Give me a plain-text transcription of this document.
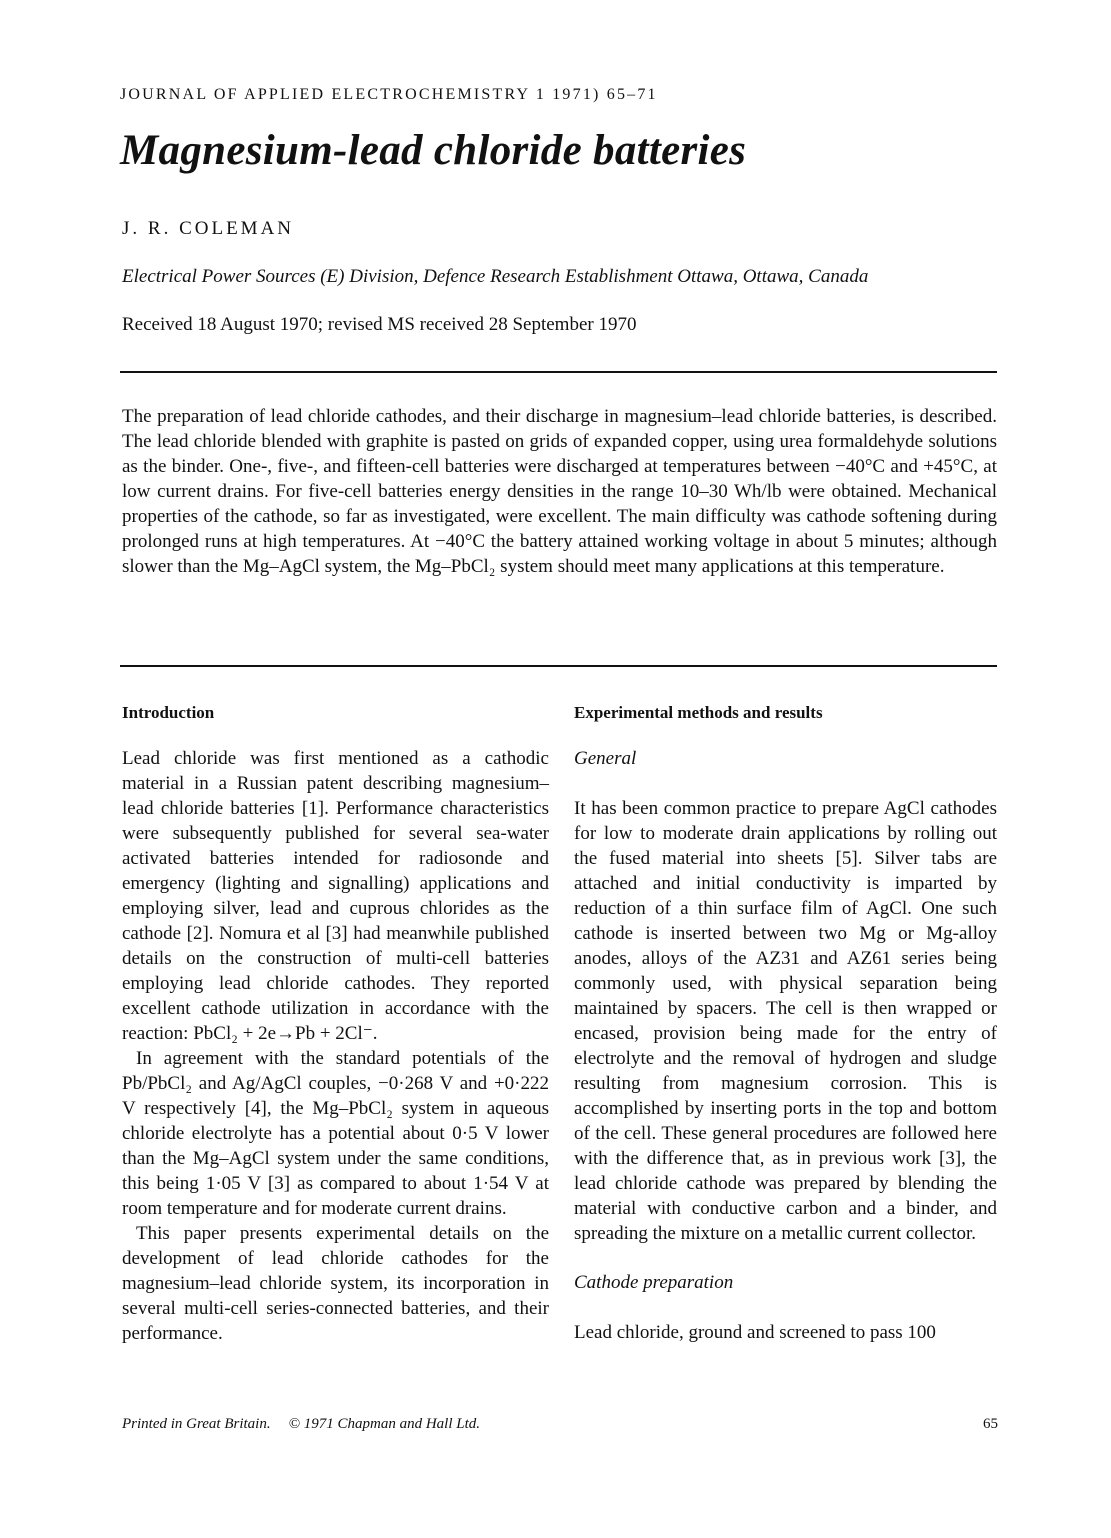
JOURNAL OF APPLIED ELECTROCHEMISTRY 1 1971) 65–71
Magnesium-lead chloride batteries
J. R. COLEMAN
Electrical Power Sources (E) Division, Defence Research Establishment Ottawa, Ottawa, Canada
Received 18 August 1970; revised MS received 28 September 1970

The preparation of lead chloride cathodes, and their discharge in magnesium–lead chloride batteries, is described. The lead chloride blended with graphite is pasted on grids of expanded copper, using urea formaldehyde solutions as the binder. One-, five-, and fifteen-cell batteries were discharged at temperatures between −40°C and +45°C, at low current drains. For five-cell batteries energy densities in the range 10–30 Wh/lb were obtained. Mechanical properties of the cathode, so far as investigated, were excellent. The main difficulty was cathode softening during prolonged runs at high temperatures. At −40°C the battery attained working voltage in about 5 minutes; although slower than the Mg–AgCl system, the Mg–PbCl₂ system should meet many applications at this temperature.

Introduction

Lead chloride was first mentioned as a cathodic material in a Russian patent describing magnesium–lead chloride batteries [1]. Performance characteristics were subsequently published for several sea-water activated batteries intended for radiosonde and emergency (lighting and signalling) applications and employing silver, lead and cuprous chlorides as the cathode [2]. Nomura et al [3] had meanwhile published details on the construction of multi-cell batteries employing lead chloride cathodes. They reported excellent cathode utilization in accordance with the reaction: PbCl₂ + 2e→Pb + 2Cl⁻.

In agreement with the standard potentials of the Pb/PbCl₂ and Ag/AgCl couples, −0·268 V and +0·222 V respectively [4], the Mg–PbCl₂ system in aqueous chloride electrolyte has a potential about 0·5 V lower than the Mg–AgCl system under the same conditions, this being 1·05 V [3] as compared to about 1·54 V at room temperature and for moderate current drains.

This paper presents experimental details on the development of lead chloride cathodes for the magnesium–lead chloride system, its incorporation in several multi-cell series-connected batteries, and their performance.

Experimental methods and results

General

It has been common practice to prepare AgCl cathodes for low to moderate drain applications by rolling out the fused material into sheets [5]. Silver tabs are attached and initial conductivity is imparted by reduction of a thin surface film of AgCl. One such cathode is inserted between two Mg or Mg-alloy anodes, alloys of the AZ31 and AZ61 series being commonly used, with physical separation being maintained by spacers. The cell is then wrapped or encased, provision being made for the entry of electrolyte and the removal of hydrogen and sludge resulting from magnesium corrosion. This is accomplished by inserting ports in the top and bottom of the cell. These general procedures are followed here with the difference that, as in previous work [3], the lead chloride cathode was prepared by blending the material with conductive carbon and a binder, and spreading the mixture on a metallic current collector.

Cathode preparation

Lead chloride, ground and screened to pass 100

Printed in Great Britain. © 1971 Chapman and Hall Ltd.	65
